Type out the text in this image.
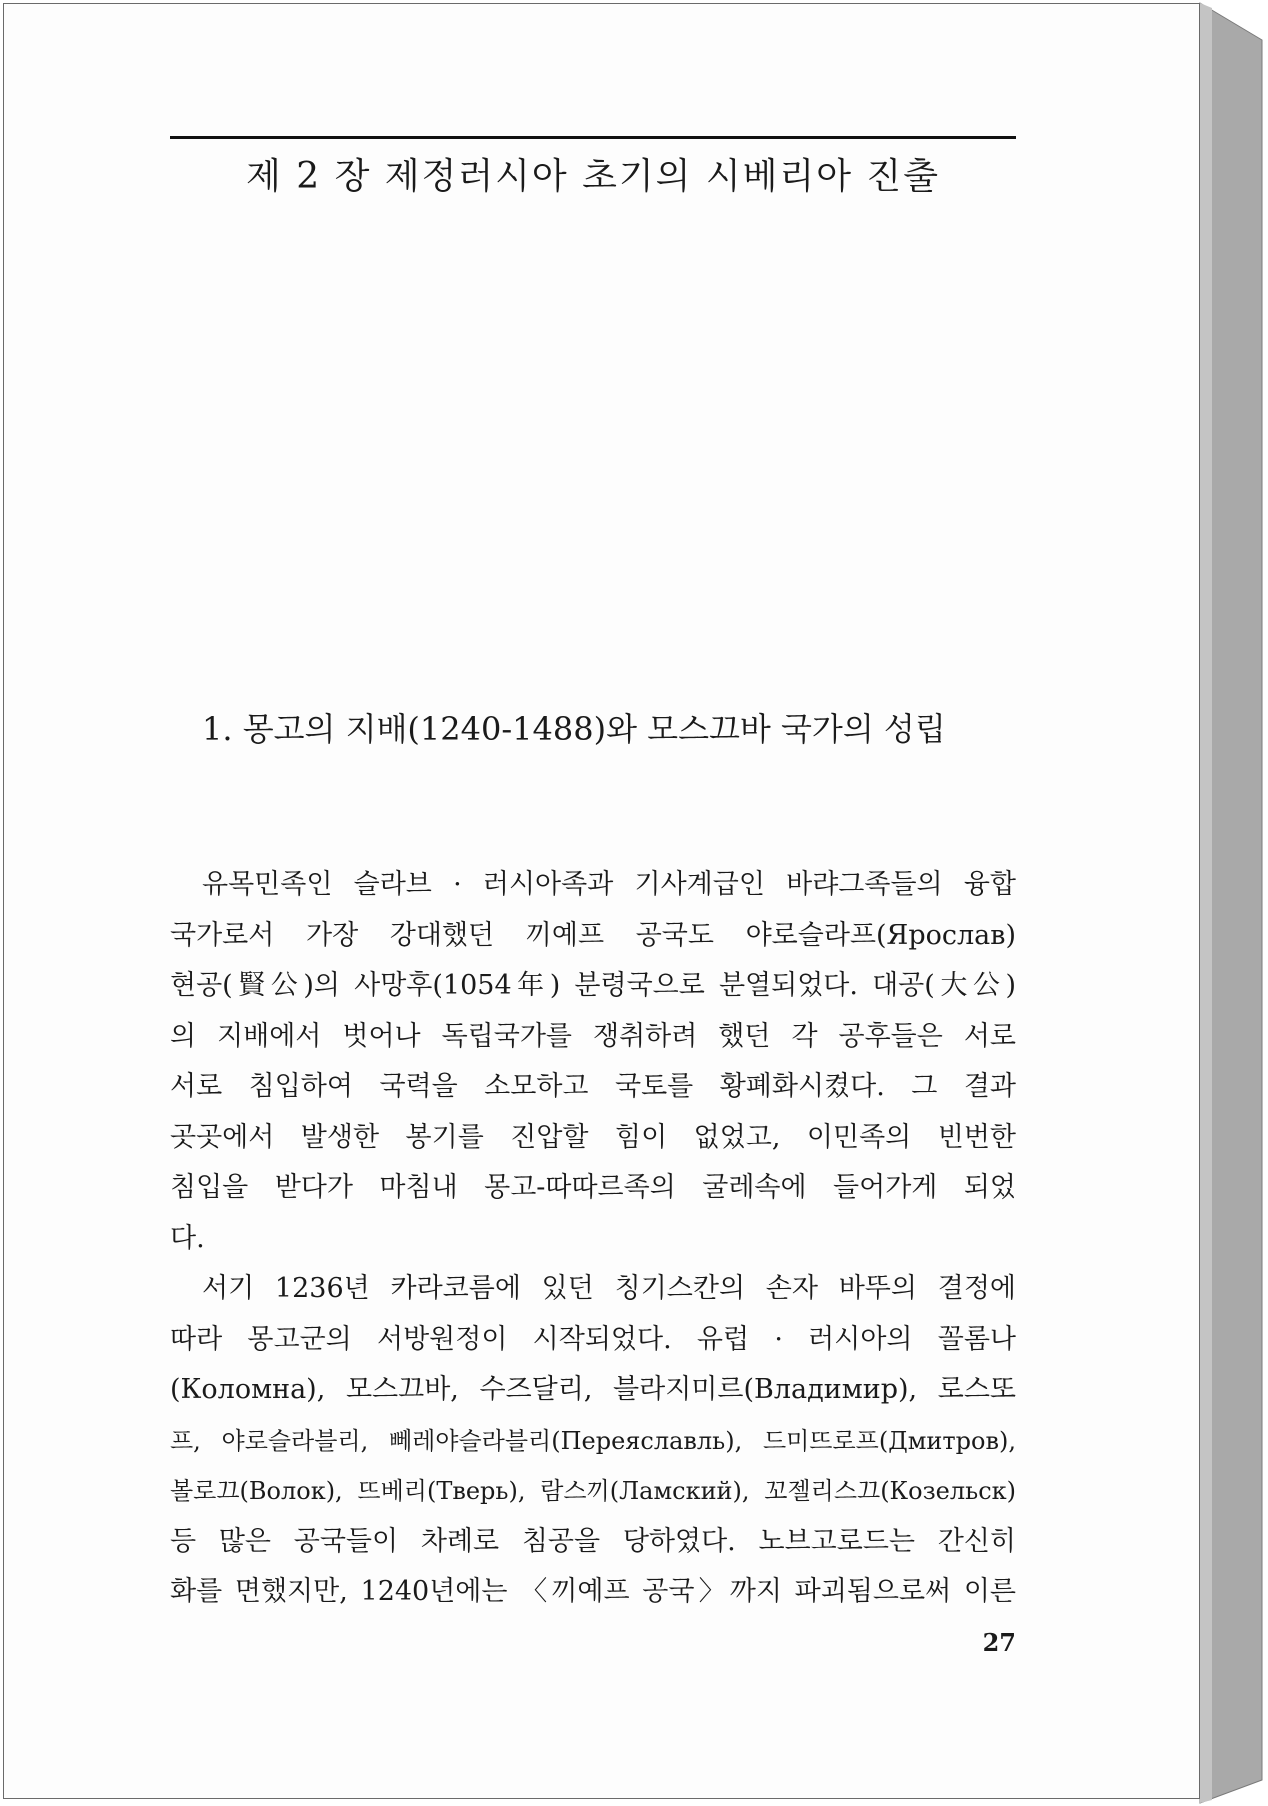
제 2 장 제정러시아 초기의 시베리아 진출
1. 몽고의 지배(1240-1488)와 모스끄바 국가의 성립
유목민족인 슬라브 · 러시아족과 기사계급인 바랴그족들의 융합
국가로서 가장 강대했던 끼예프 공국도 야로슬라프(Ярослав)
현공(賢公)의 사망후(1054年) 분령국으로 분열되었다. 대공(大公)
의 지배에서 벗어나 독립국가를 쟁취하려 했던 각 공후들은 서로
서로 침입하여 국력을 소모하고 국토를 황폐화시켰다. 그 결과
곳곳에서 발생한 봉기를 진압할 힘이 없었고, 이민족의 빈번한
침입을 받다가 마침내 몽고-따따르족의 굴레속에 들어가게 되었
다.
서기 1236년 카라코름에 있던 칭기스칸의 손자 바뚜의 결정에
따라 몽고군의 서방원정이 시작되었다. 유럽 · 러시아의 꼴롬나
(Коломна), 모스끄바, 수즈달리, 블라지미르(Владимир), 로스또
프, 야로슬라블리, 뻬레야슬라블리(Переяславль), 드미뜨로프(Дмитров),
볼로끄(Волок), 뜨베리(Тверь), 람스끼(Ламский), 꼬젤리스끄(Козельск)
등 많은 공국들이 차례로 침공을 당하였다. 노브고로드는 간신히
화를 면했지만, 1240년에는 〈끼예프 공국〉까지 파괴됨으로써 이른
27
